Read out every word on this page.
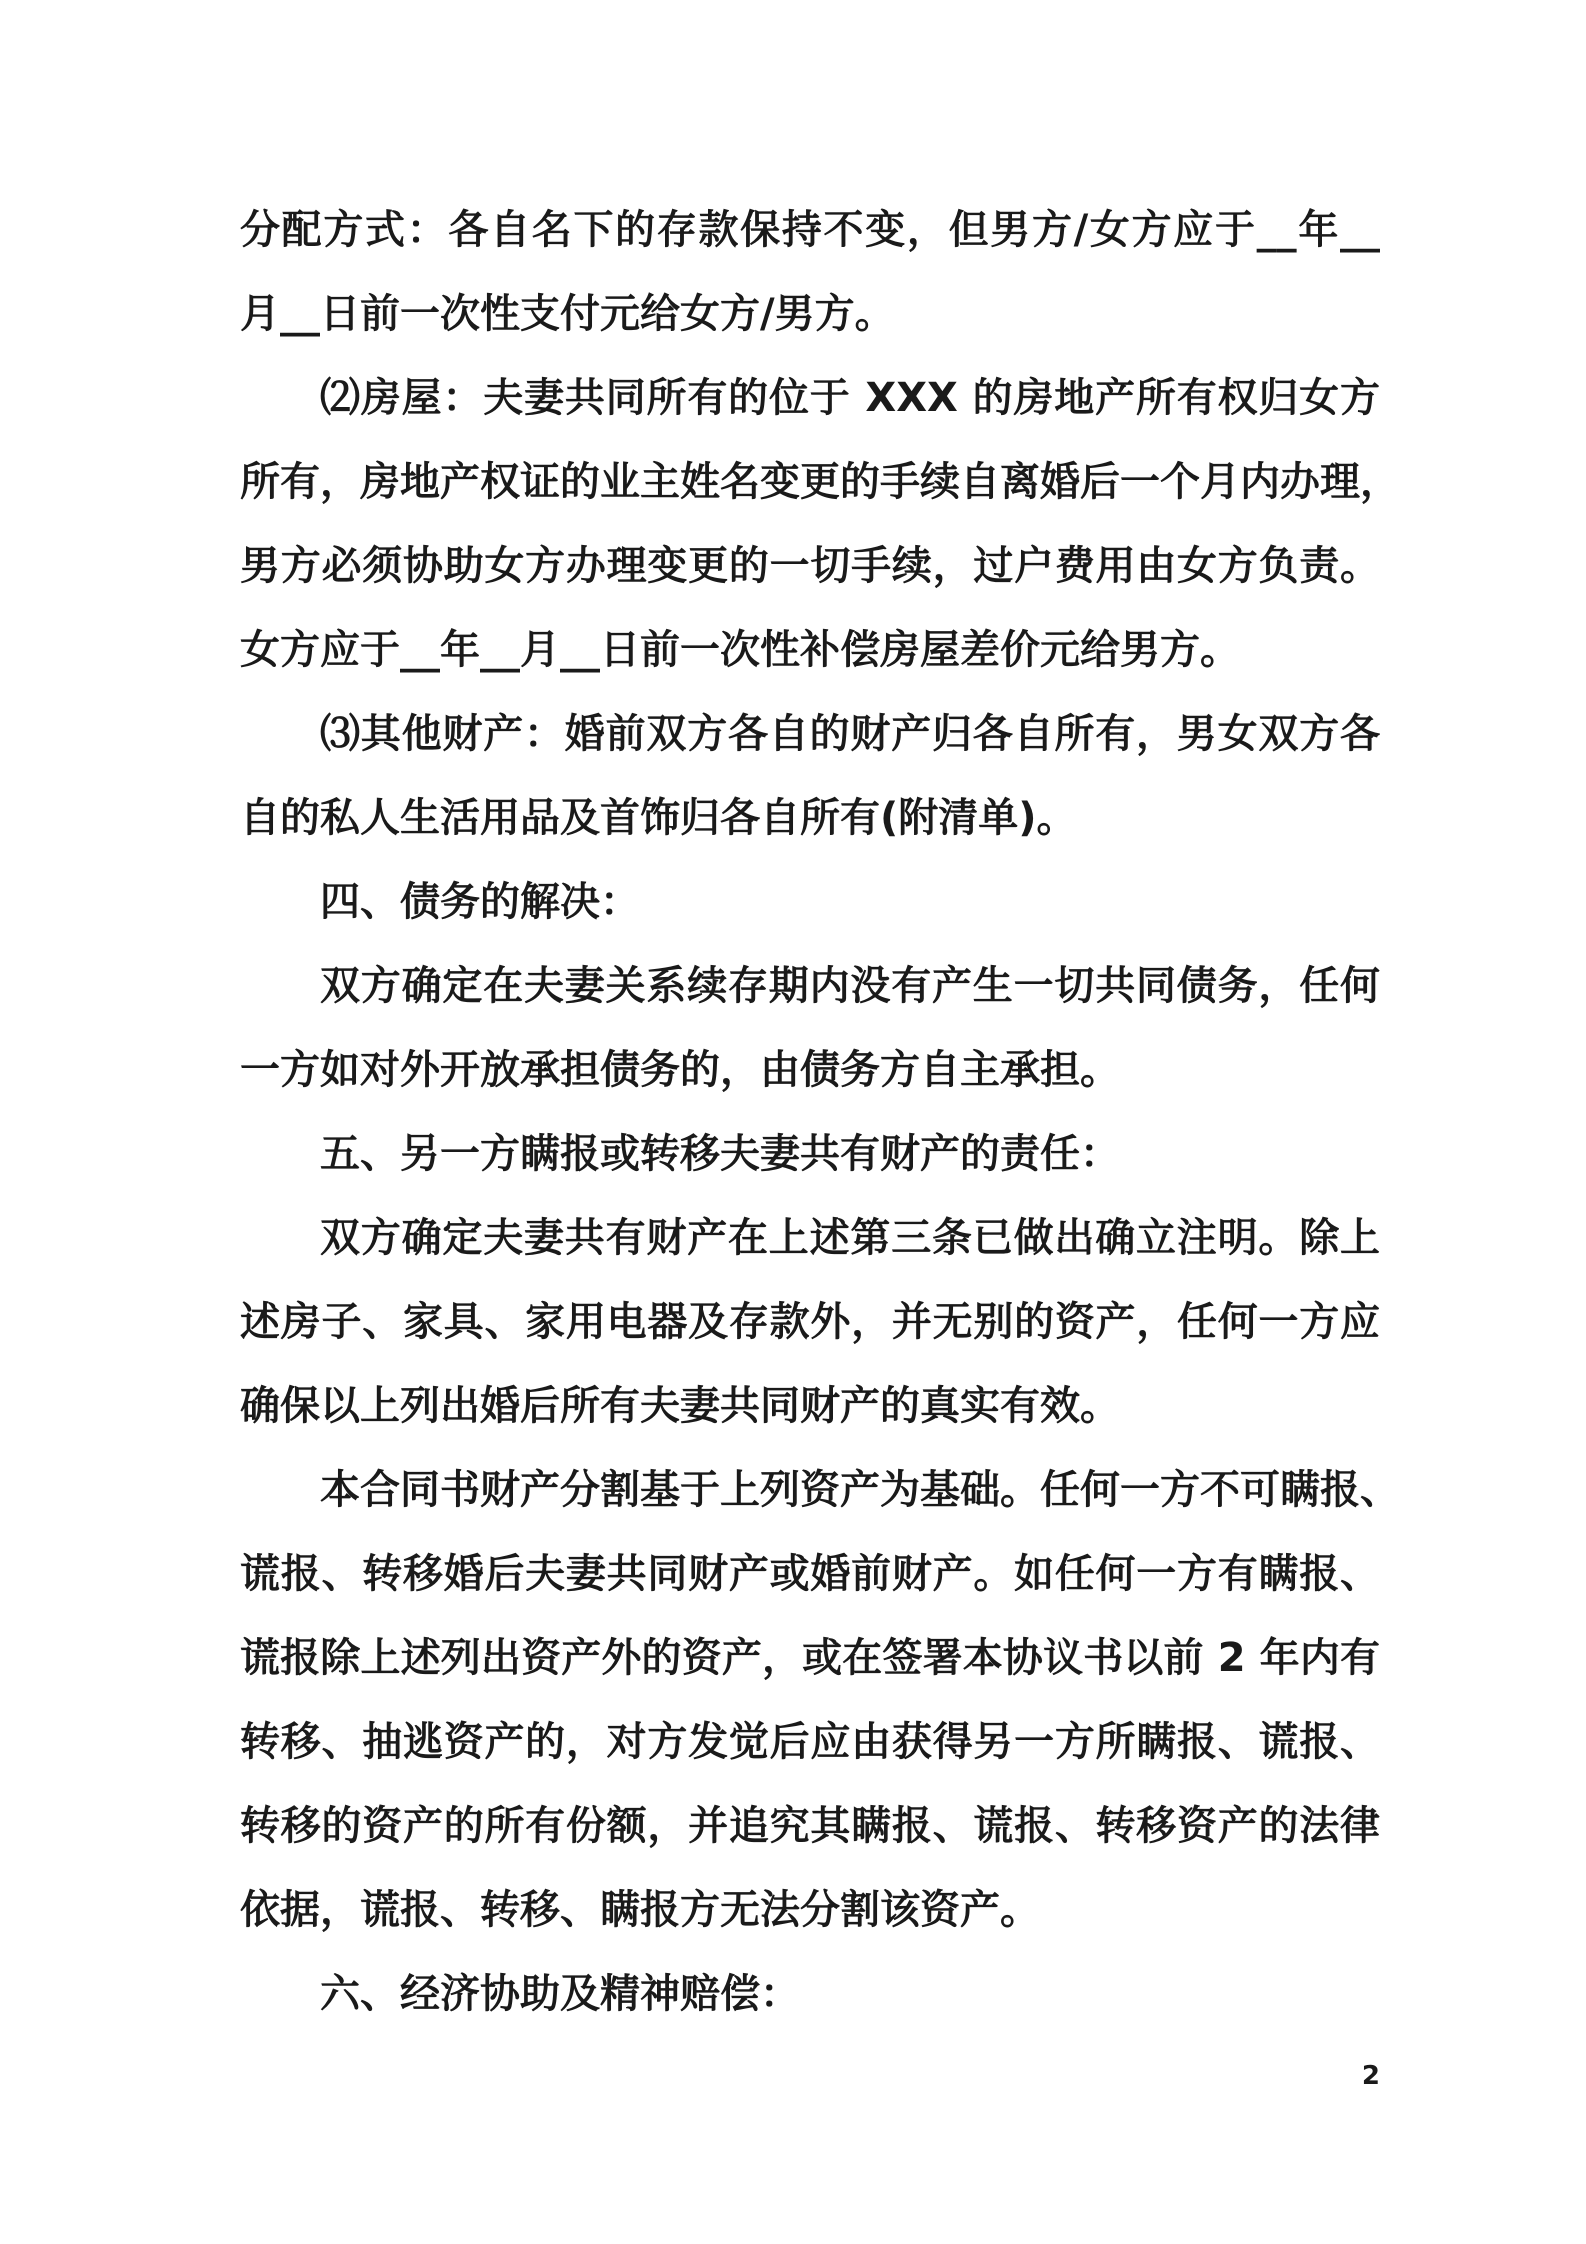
分配方式：各自名下的存款保持不变，但男方/女方应于__年__
月__日前一次性支付元给女方/男方。
⑵房屋：夫妻共同所有的位于 XXX 的房地产所有权归女方
所有，房地产权证的业主姓名变更的手续自离婚后一个月内办理，
男方必须协助女方办理变更的一切手续，过户费用由女方负责。
女方应于__年__月__日前一次性补偿房屋差价元给男方。
⑶其他财产：婚前双方各自的财产归各自所有，男女双方各
自的私人生活用品及首饰归各自所有(附清单)。
四、债务的解决：
双方确定在夫妻关系续存期内没有产生一切共同债务，任何
一方如对外开放承担债务的，由债务方自主承担。
五、另一方瞒报或转移夫妻共有财产的责任：
双方确定夫妻共有财产在上述第三条已做出确立注明。除上
述房子、家具、家用电器及存款外，并无别的资产，任何一方应
确保以上列出婚后所有夫妻共同财产的真实有效。
本合同书财产分割基于上列资产为基础。任何一方不可瞒报、
谎报、转移婚后夫妻共同财产或婚前财产。如任何一方有瞒报、
谎报除上述列出资产外的资产，或在签署本协议书以前 2 年内有
转移、抽逃资产的，对方发觉后应由获得另一方所瞒报、谎报、
转移的资产的所有份额，并追究其瞒报、谎报、转移资产的法律
依据，谎报、转移、瞒报方无法分割该资产。
六、经济协助及精神赔偿：
2
